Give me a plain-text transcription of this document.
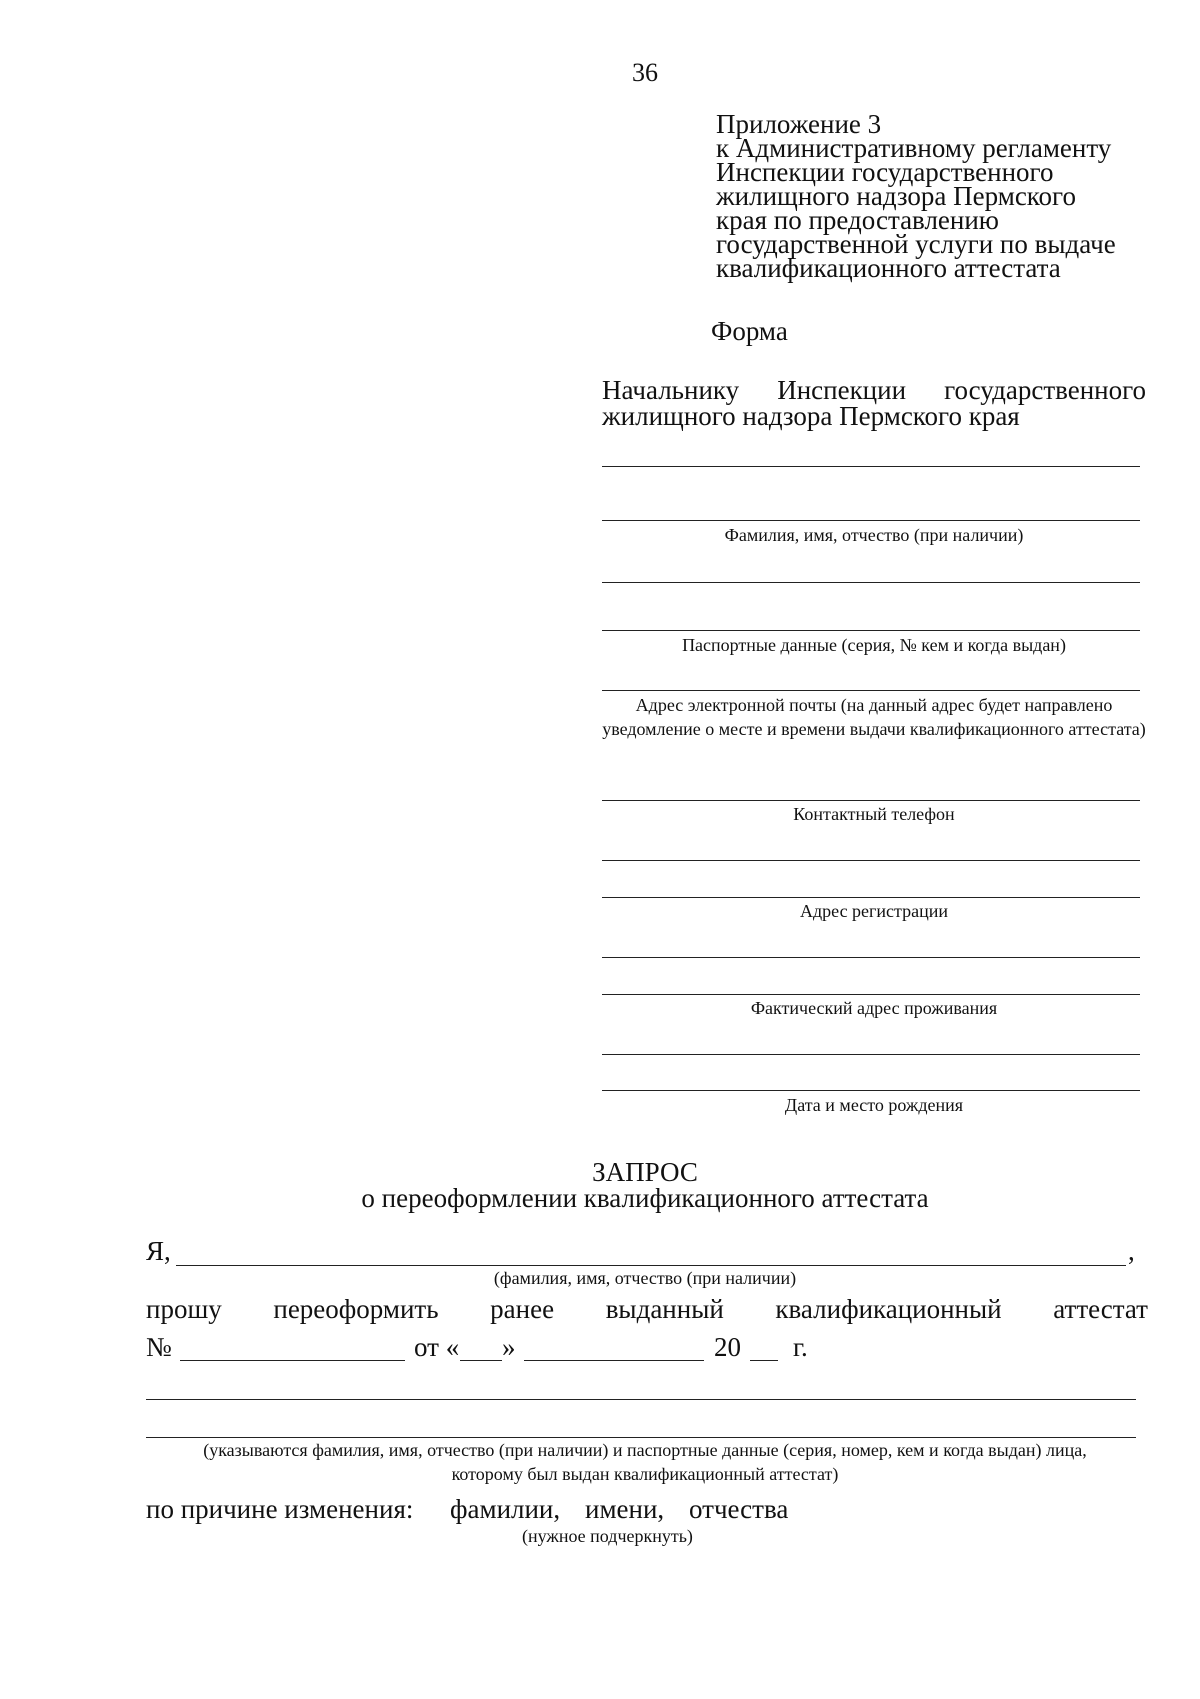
36
Приложение 3
к Административному регламенту
Инспекции государственного
жилищного надзора Пермского
края по предоставлению
государственной услуги по выдаче
квалификационного аттестата
Форма
Начальнику Инспекции государственного
жилищного надзора Пермского края
Фамилия, имя, отчество (при наличии)
Паспортные данные (серия, № кем и когда выдан)
Адрес электронной почты (на данный адрес будет направлено уведомление о месте и времени выдачи квалификационного аттестата)
Контактный телефон
Адрес регистрации
Фактический адрес проживания
Дата и место рождения
ЗАПРОС
о переоформлении квалификационного аттестата
Я,	,
(фамилия, имя, отчество (при наличии)
прошу переоформить ранее выданный квалификационный аттестат
№	от « »	20 г.
(указываются фамилия, имя, отчество (при наличии) и паспортные данные (серия, номер, кем и когда выдан) лица,
которому был выдан квалификационный аттестат)
по причине изменения: фамилии, имени, отчества
(нужное подчеркнуть)
